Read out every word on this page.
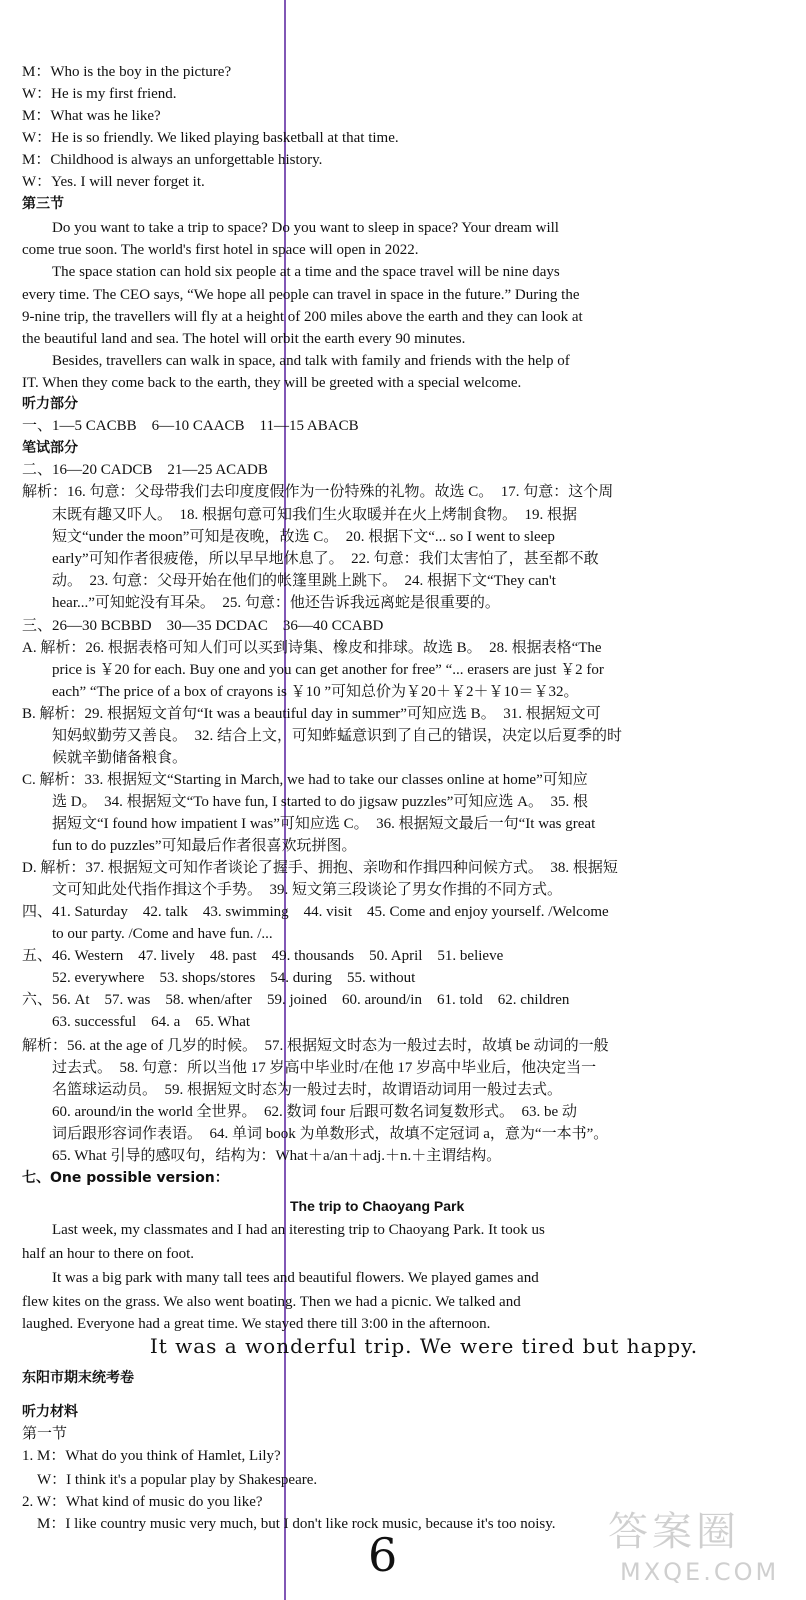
M：Who is the boy in the picture?
W：He is my first friend.
M：What was he like?
W：He is so friendly. We liked playing basketball at that time.
M：Childhood is always an unforgettable history.
W：Yes. I will never forget it.
第三节
　　Do you want to take a trip to space? Do you want to sleep in space? Your dream will
come true soon. The world's first hotel in space will open in 2022.
　　The space station can hold six people at a time and the space travel will be nine days
every time. The CEO says, “We hope all people can travel in space in the future.” During the
9-nine trip, the travellers will fly at a height of 200 miles above the earth and they can look at
the beautiful land and sea. The hotel will orbit the earth every 90 minutes.
　　Besides, travellers can walk in space, and talk with family and friends with the help of
IT. When they come back to the earth, they will be greeted with a special welcome.
听力部分
一、1—5 CACBB　6—10 CAACB　11—15 ABACB
笔试部分
二、16—20 CADCB　21—25 ACADB
解析：16. 句意：父母带我们去印度度假作为一份特殊的礼物。故选 C。　17. 句意：这个周
　　末既有趣又吓人。　18. 根据句意可知我们生火取暖并在火上烤制食物。　19. 根据
　　短文“under the moon”可知是夜晚，故选 C。　20. 根据下文“... so I went to sleep
　　early”可知作者很疲倦，所以早早地休息了。　22. 句意：我们太害怕了，甚至都不敢
　　动。　23. 句意：父母开始在他们的帐篷里跳上跳下。　24. 根据下文“They can't
　　hear...”可知蛇没有耳朵。　25. 句意：他还告诉我远离蛇是很重要的。
三、26—30 BCBBD　30—35 DCDAC　36—40 CCABD
A. 解析：26. 根据表格可知人们可以买到诗集、橡皮和排球。故选 B。　28. 根据表格“The
　　price is ￥20 for each. Buy one and you can get another for free” “... erasers are just ￥2 for
　　each” “The price of a box of crayons is ￥10 ”可知总价为￥20＋￥2＋￥10＝￥32。
B. 解析：29. 根据短文首句“It was a beautiful day in summer”可知应选 B。　31. 根据短文可
　　知妈蚁勤劳又善良。　32. 结合上文，可知蚱蜢意识到了自己的错误，决定以后夏季的时
　　候就辛勤储备粮食。
C. 解析：33. 根据短文“Starting in March, we had to take our classes online at home”可知应
　　选 D。　34. 根据短文“To have fun, I started to do jigsaw puzzles”可知应选 A。　35. 根
　　据短文“I found how impatient I was”可知应选 C。　36. 根据短文最后一句“It was great
　　fun to do puzzles”可知最后作者很喜欢玩拼图。
D. 解析：37. 根据短文可知作者谈论了握手、拥抱、亲吻和作揖四种问候方式。　38. 根据短
　　文可知此处代指作揖这个手势。　39. 短文第三段谈论了男女作揖的不同方式。
四、41. Saturday　42. talk　43. swimming　44. visit　45. Come and enjoy yourself. /Welcome
　　to our party. /Come and have fun. /...
五、46. Western　47. lively　48. past　49. thousands　50. April　51. believe
　　52. everywhere　53. shops/stores　54. during　55. without
六、56. At　57. was　58. when/after　59. joined　60. around/in　61. told　62. children
　　63. successful　64. a　65. What
解析：56. at the age of 几岁的时候。　57. 根据短文时态为一般过去时，故填 be 动词的一般
　　过去式。　58. 句意：所以当他 17 岁高中毕业时/在他 17 岁高中毕业后，他决定当一
　　名篮球运动员。　59. 根据短文时态为一般过去时，故谓语动词用一般过去式。
　　60. around/in the world 全世界。　62. 数词 four 后跟可数名词复数形式。　63. be 动
　　词后跟形容词作表语。　64. 单词 book 为单数形式，故填不定冠词 a，意为“一本书”。
　　65. What 引导的感叹句，结构为：What＋a/an＋adj.＋n.＋主谓结构。
七、One possible version：
The trip to Chaoyang Park
　　Last week, my classmates and I had an iteresting trip to Chaoyang Park. It took us
half an hour to there on foot.
　　It was a big park with many tall tees and beautiful flowers. We played games and
flew kites on the grass. We also went boating. Then we had a picnic. We talked and
laughed. Everyone had a great time. We stayed there till 3:00 in the afternoon.
　　It was a wonderful trip. We were tired but happy.
东阳市期末统考卷
听力材料
第一节
1. M：What do you think of Hamlet, Lily?
　W：I think it's a popular play by Shakespeare.
2. W：What kind of music do you like?
　M：I like country music very much, but I don't like rock music, because it's too noisy.
6	答案圈
MXQE.COM
